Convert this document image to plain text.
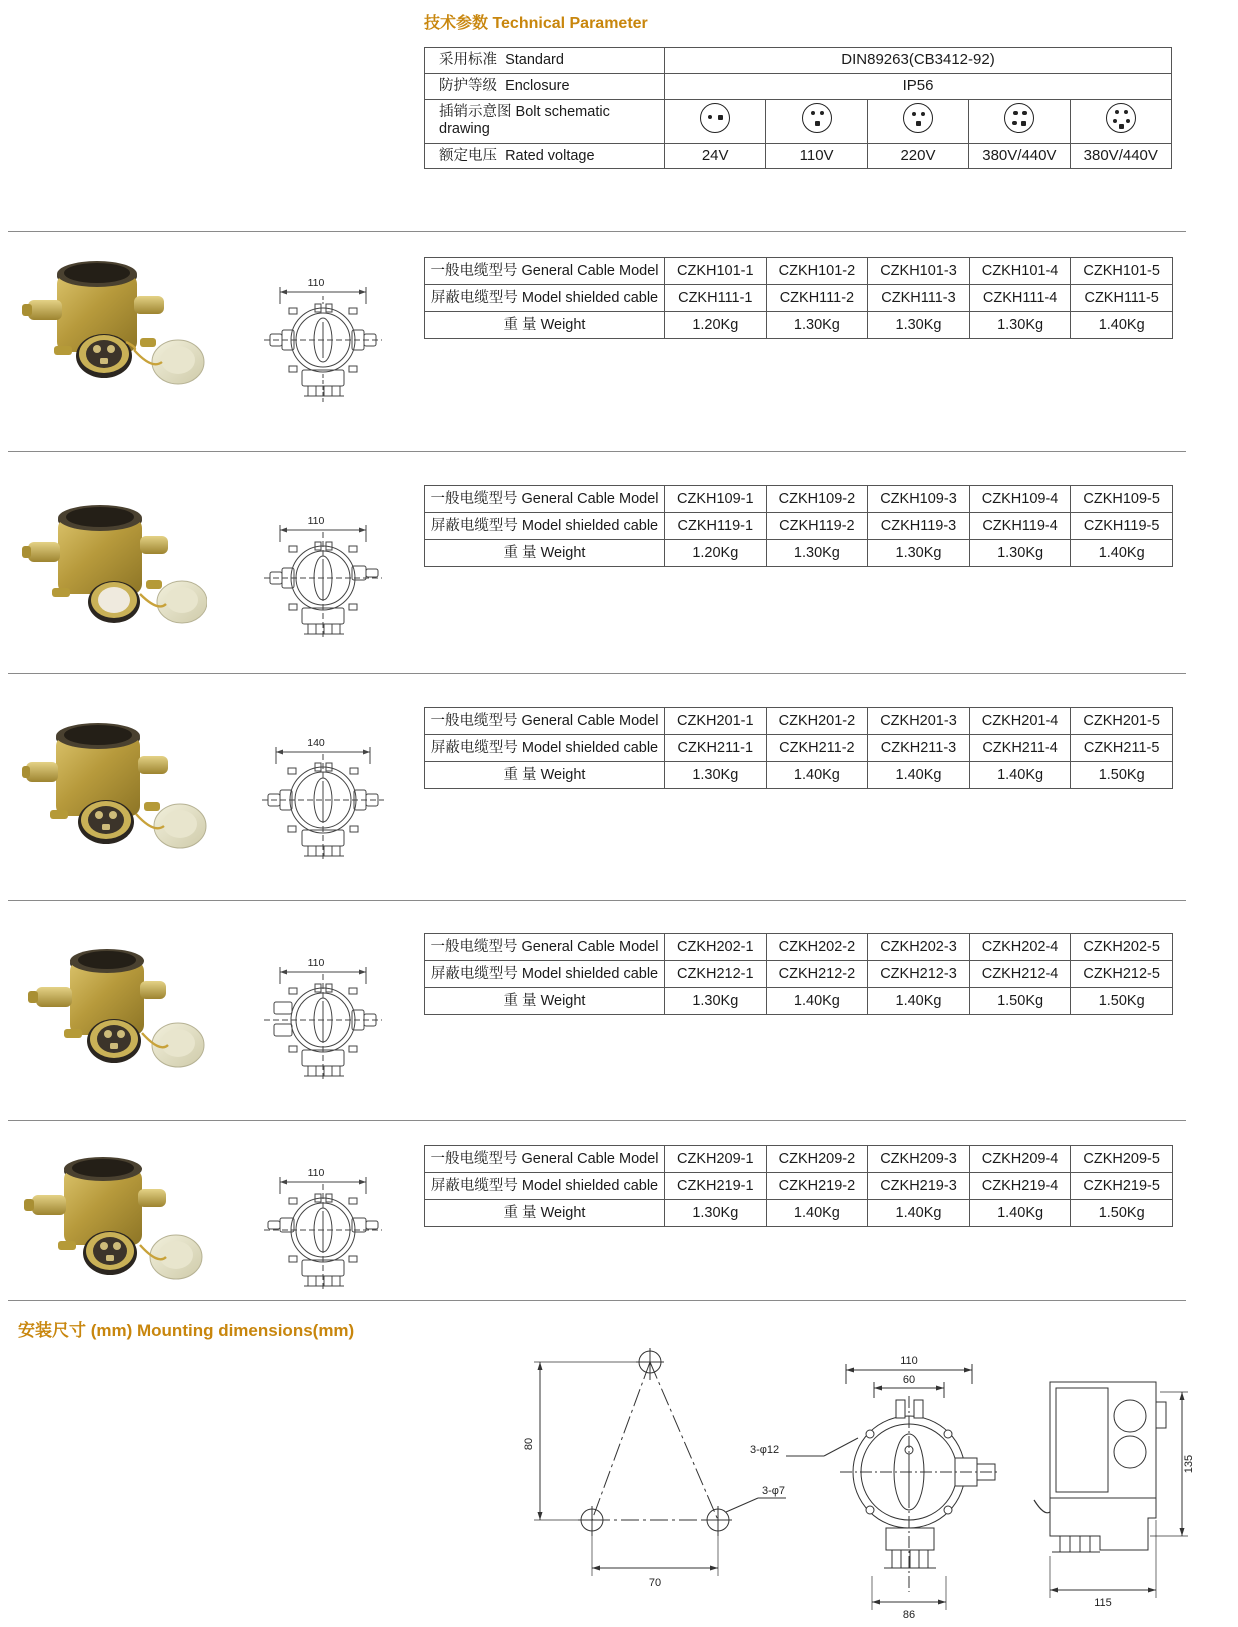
技术参数 Technical Parameter
采用标准 Standard	DIN89263(CB3412-92)				
防护等级 Enclosure	IP56				
插销示意图 Bolt schematic drawing	

额定电压 Rated voltage	24V	110V	220V	380V/440V	380V/440V
110
110
140
110
110
一般电缆型号 General Cable Model	CZKH101-1	CZKH101-2	CZKH101-3	CZKH101-4	CZKH101-5
屏蔽电缆型号 Model shielded cable	CZKH111-1	CZKH111-2	CZKH111-3	CZKH111-4	CZKH111-5
重 量 Weight	1.20Kg	1.30Kg	1.30Kg	1.30Kg	1.40Kg
一般电缆型号 General Cable Model	CZKH109-1	CZKH109-2	CZKH109-3	CZKH109-4	CZKH109-5
屏蔽电缆型号 Model shielded cable	CZKH119-1	CZKH119-2	CZKH119-3	CZKH119-4	CZKH119-5
重 量 Weight	1.20Kg	1.30Kg	1.30Kg	1.30Kg	1.40Kg
一般电缆型号 General Cable Model	CZKH201-1	CZKH201-2	CZKH201-3	CZKH201-4	CZKH201-5
屏蔽电缆型号 Model shielded cable	CZKH211-1	CZKH211-2	CZKH211-3	CZKH211-4	CZKH211-5
重 量 Weight	1.30Kg	1.40Kg	1.40Kg	1.40Kg	1.50Kg
一般电缆型号 General Cable Model	CZKH202-1	CZKH202-2	CZKH202-3	CZKH202-4	CZKH202-5
屏蔽电缆型号 Model shielded cable	CZKH212-1	CZKH212-2	CZKH212-3	CZKH212-4	CZKH212-5
重 量 Weight	1.30Kg	1.40Kg	1.40Kg	1.50Kg	1.50Kg
一般电缆型号 General Cable Model	CZKH209-1	CZKH209-2	CZKH209-3	CZKH209-4	CZKH209-5
屏蔽电缆型号 Model shielded cable	CZKH219-1	CZKH219-2	CZKH219-3	CZKH219-4	CZKH219-5
重 量 Weight	1.30Kg	1.40Kg	1.40Kg	1.40Kg	1.50Kg
安装尺寸 (mm) Mounting dimensions(mm)
80
70
3-φ7
110
60
86
3-φ12
135
115
